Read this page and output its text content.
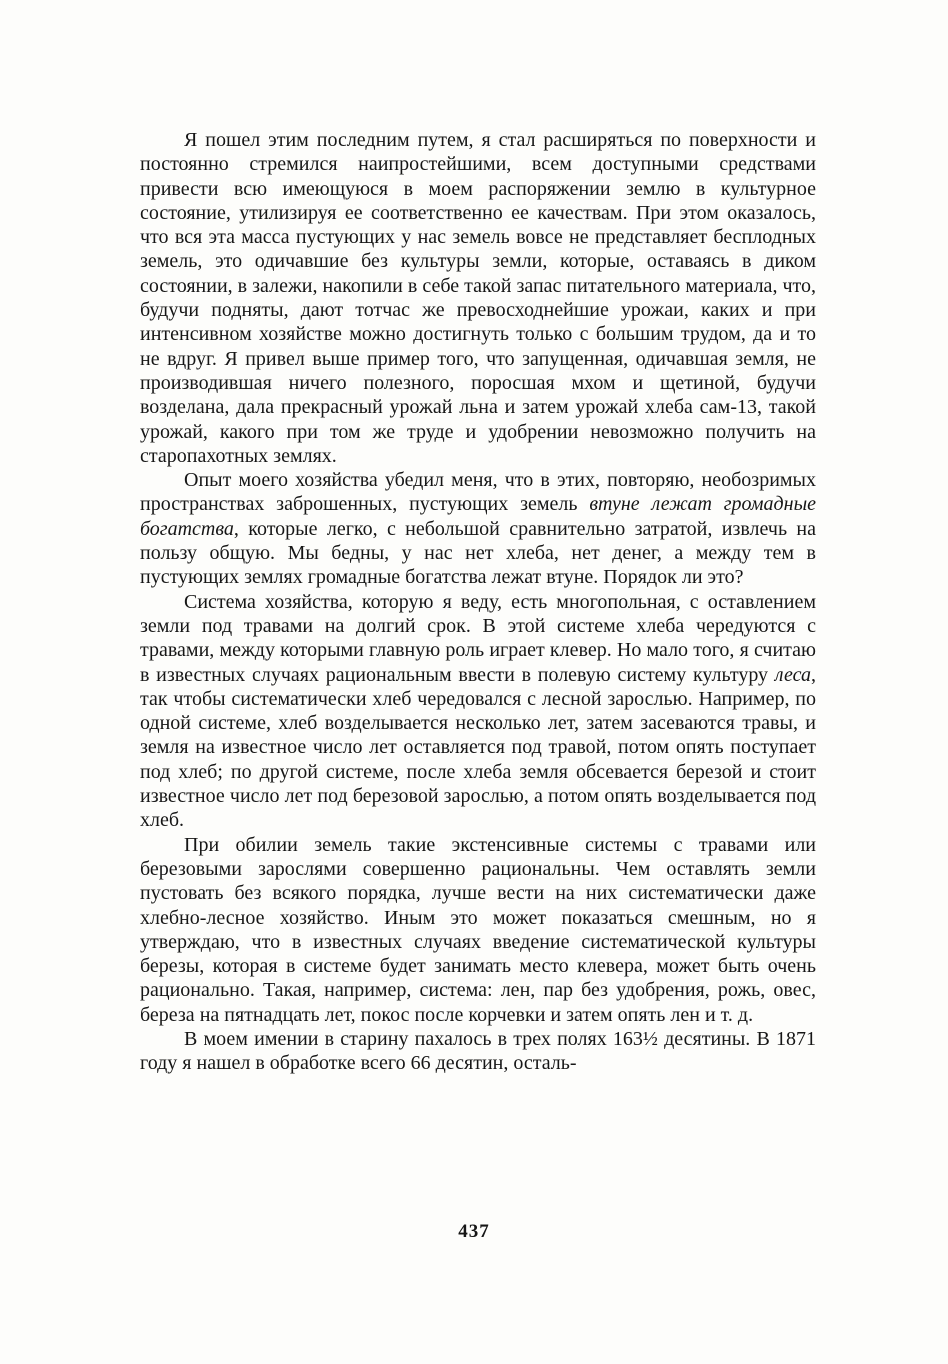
Я пошел этим последним путем, я стал расширяться по поверхности и постоянно стремился наипростейшими, всем доступными средствами привести всю имеющуюся в моем распоряжении землю в культурное состояние, утилизируя ее соответственно ее качествам. При этом оказалось, что вся эта масса пустующих у нас земель вовсе не представляет бесплодных земель, это одичавшие без культуры земли, которые, оставаясь в диком состоянии, в залежи, накопили в себе такой запас питательного материала, что, будучи подняты, дают тотчас же превосходнейшие урожаи, каких и при интенсивном хозяйстве можно достигнуть только с большим трудом, да и то не вдруг. Я привел выше пример того, что запущенная, одичавшая земля, не производившая ничего полезного, поросшая мхом и щетиной, будучи возделана, дала прекрасный урожай льна и затем урожай хлеба сам-13, такой урожай, какого при том же труде и удобрении невозможно получить на старопахотных землях.

Опыт моего хозяйства убедил меня, что в этих, повторяю, необозримых пространствах заброшенных, пустующих земель втуне лежат громадные богатства, которые легко, с небольшой сравнительно затратой, извлечь на пользу общую. Мы бедны, у нас нет хлеба, нет денег, а между тем в пустующих землях громадные богатства лежат втуне. Порядок ли это?

Система хозяйства, которую я веду, есть многопольная, с оставлением земли под травами на долгий срок. В этой системе хлеба чередуются с травами, между которыми главную роль играет клевер. Но мало того, я считаю в известных случаях рациональным ввести в полевую систему культуру леса, так чтобы систематически хлеб чередовался с лесной зарослью. Например, по одной системе, хлеб возделывается несколько лет, затем засеваются травы, и земля на известное число лет оставляется под травой, потом опять поступает под хлеб; по другой системе, после хлеба земля обсевается березой и стоит известное число лет под березовой зарослью, а потом опять возделывается под хлеб.

При обилии земель такие экстенсивные системы с травами или березовыми зарослями совершенно рациональны. Чем оставлять земли пустовать без всякого порядка, лучше вести на них систематически даже хлебно-лесное хозяйство. Иным это может показаться смешным, но я утверждаю, что в известных случаях введение систематической культуры березы, которая в системе будет занимать место клевера, может быть очень рационально. Такая, например, система: лен, пар без удобрения, рожь, овес, береза на пятнадцать лет, покос после корчевки и затем опять лен и т. д.

В моем имении в старину пахалось в трех полях 163½ десятины. В 1871 году я нашел в обработке всего 66 десятин, осталь-

437
